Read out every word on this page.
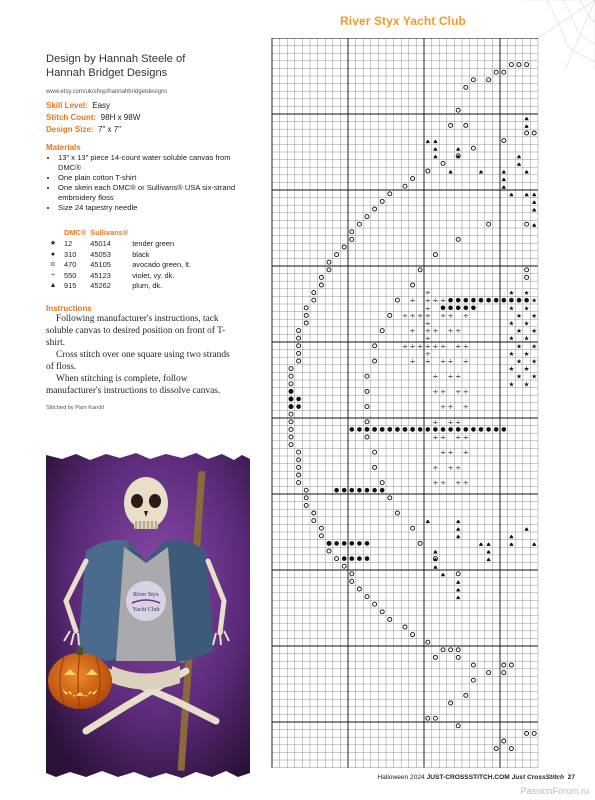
River Styx Yacht Club
Design by Hannah Steele of
Hannah Bridget Designs
www.etsy.com/uk/shop/hannahbridgetdesigns
Skill Level: Easy
Stitch Count: 98H x 98W
Design Size: 7" x 7"
Materials
• 13" x 13" piece 14-count water soluble canvas from DMC®
• One plain cotton T-shirt
• One skein each DMC® or Sullivans® USA six-strand embroidery floss
• Size 24 tapestry needle
	DMC®	Sullivans®	
★	12	45014	tender green
●	310	45053	black
o	470	45105	avocado green, lt.
÷	550	45123	violet, vy. dk.
▲	915	45262	plum, dk.
Instructions

Following manufacturer's instructions, tack soluble canvas to desired position on front of T-shirt.

Cross stitch over one square using two strands of floss.

When stitching is complete, follow manufacturer's instructions to dissolve canvas.

Stitched by Pam Kandil
River Styx
Yacht Club
÷ ÷ ÷ ÷
÷ ÷ ÷
÷ ÷ ÷
÷ ÷ ÷ ÷
÷ ÷ ÷
÷ ÷ ÷
÷ ÷ ÷ ÷
÷ ÷ ÷
÷ ÷ ÷
÷ ÷ ÷ ÷
÷ ÷ ÷
÷ ÷ ÷
÷ ÷ ÷ ÷
÷
÷ ÷
÷
÷ ÷ ÷ ÷
÷
÷ ÷
÷
÷ ÷ ÷ ÷
÷
÷ ÷
★ ★
★ ★
★ ★
★ ★
★ ★
★ ★
★ ★
★ ★
★ ★
★ ★
★ ★
★ ★
★ ★
Halloween 2024 JUST-CROSSSTITCH.COM Just CrossStitch 27
PassionForum.ru
